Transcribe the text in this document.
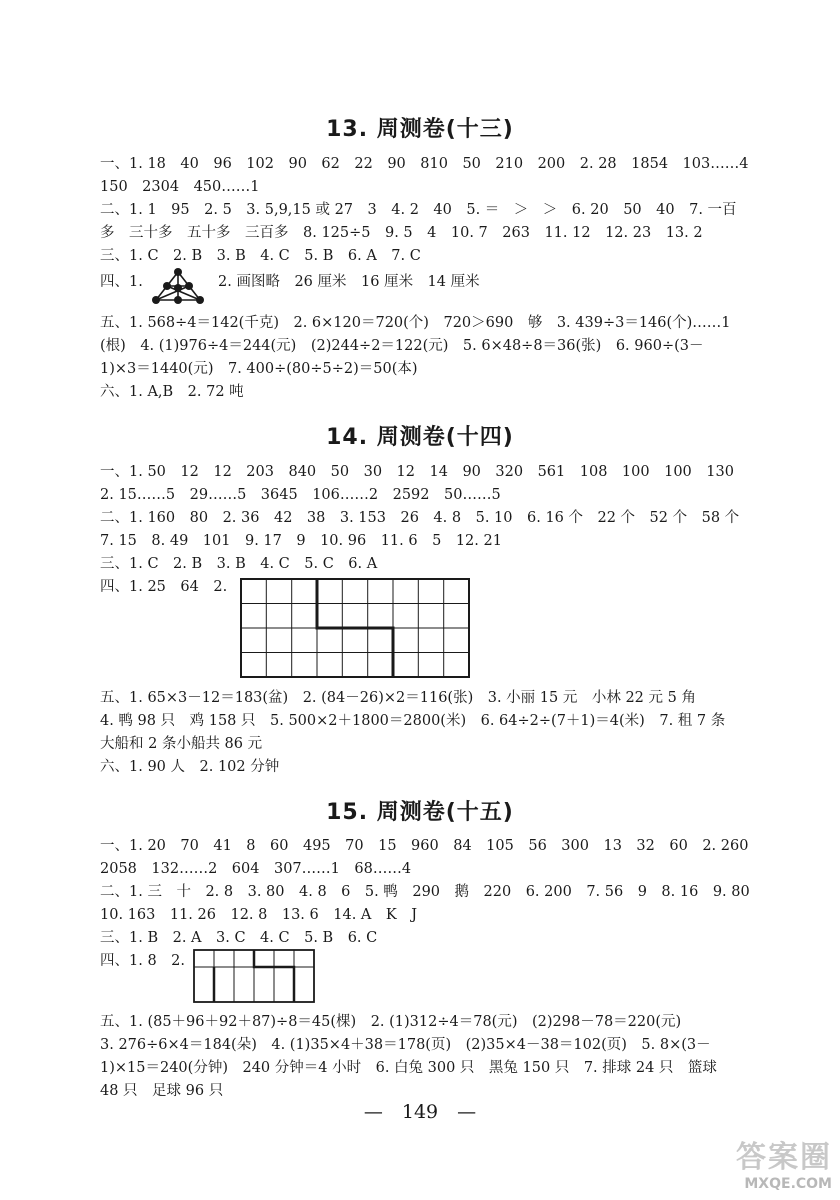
13. 周测卷(十三)
一、1. 18　40　96　102　90　62　22　90　810　50　210　200　2. 28　1854　103……4
150　2304　450……1
二、1. 1　95　2. 5　3. 5,9,15 或 27　3　4. 2　40　5. ＝　＞　＞　6. 20　50　40　7. 一百
多　三十多　五十多　三百多　8. 125÷5　9. 5　4　10. 7　263　11. 12　12. 23　13. 2
三、1. C　2. B　3. B　4. C　5. B　6. A　7. C
四、1.	2. 画图略　26 厘米　16 厘米　14 厘米
五、1. 568÷4＝142(千克)　2. 6×120＝720(个)　720＞690　够　3. 439÷3＝146(个)……1
(根)　4. (1)976÷4＝244(元)　(2)244÷2＝122(元)　5. 6×48÷8＝36(张)　6. 960÷(3－
1)×3＝1440(元)　7. 400÷(80÷5÷2)＝50(本)
六、1. A,B　2. 72 吨
14. 周测卷(十四)
一、1. 50　12　12　203　840　50　30　12　14　90　320　561　108　100　100　130
2. 15……5　29……5　3645　106……2　2592　50……5
二、1. 160　80　2. 36　42　38　3. 153　26　4. 8　5. 10　6. 16 个　22 个　52 个　58 个
7. 15　8. 49　101　9. 17　9　10. 96　11. 6　5　12. 21
三、1. C　2. B　3. B　4. C　5. C　6. A
四、1. 25　64　2.
五、1. 65×3－12＝183(盆)　2. (84－26)×2＝116(张)　3. 小丽 15 元　小林 22 元 5 角
4. 鸭 98 只　鸡 158 只　5. 500×2＋1800＝2800(米)　6. 64÷2÷(7＋1)＝4(米)　7. 租 7 条
大船和 2 条小船共 86 元
六、1. 90 人　2. 102 分钟
15. 周测卷(十五)
一、1. 20　70　41　8　60　495　70　15　960　84　105　56　300　13　32　60　2. 260
2058　132……2　604　307……1　68……4
二、1. 三　十　2. 8　3. 80　4. 8　6　5. 鸭　290　鹅　220　6. 200　7. 56　9　8. 16　9. 80
10. 163　11. 26　12. 8　13. 6　14. A　K　J
三、1. B　2. A　3. C　4. C　5. B　6. C
四、1. 8　2.
五、1. (85＋96＋92＋87)÷8＝45(棵)　2. (1)312÷4＝78(元)　(2)298－78＝220(元)
3. 276÷6×4＝184(朵)　4. (1)35×4＋38＝178(页)　(2)35×4－38＝102(页)　5. 8×(3－
1)×15＝240(分钟)　240 分钟＝4 小时　6. 白兔 300 只　黑兔 150 只　7. 排球 24 只　篮球
48 只　足球 96 只
—　149　—
答案圈
MXQE.COM
